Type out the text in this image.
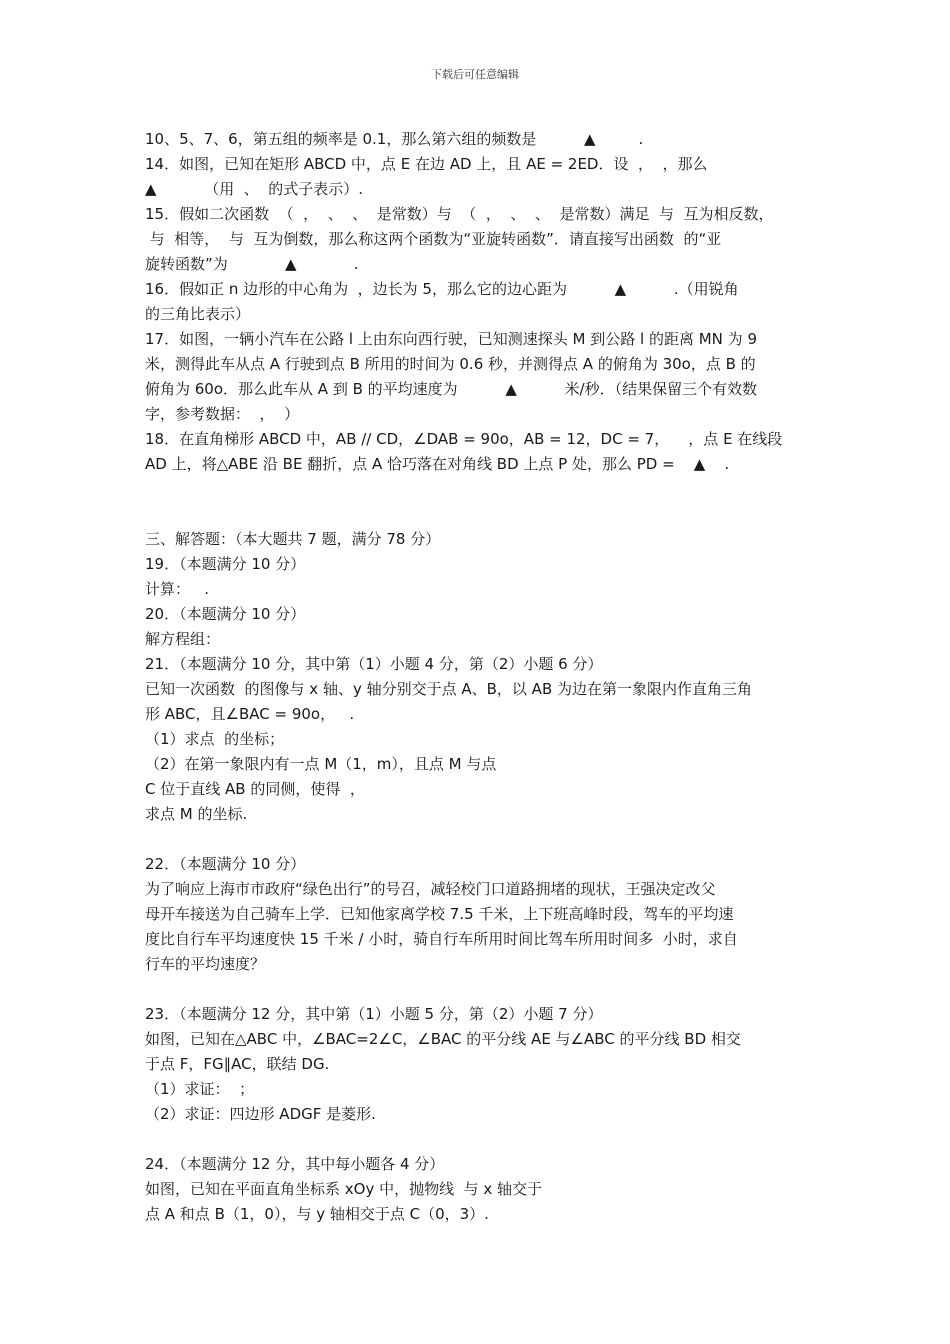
下载后可任意编辑
10、5、7、6，第五组的频率是 0.1，那么第六组的频数是          ▲         .
14．如图，已知在矩形 ABCD 中，点 E 在边 AD 上，且 AE = 2ED．设  ，  ，那么
▲          （用  、  的式子表示）.
15．假如二次函数  （  ，  、  、  是常数）与  （  ，  、  、  是常数）满足  与  互为相反数，
与  相等，  与  互为倒数，那么称这两个函数为“亚旋转函数”．请直接写出函数  的“亚
旋转函数”为            ▲            .
16．假如正 n 边形的中心角为  ，边长为 5，那么它的边心距为          ▲          .（用锐角
的三角比表示）
17．如图，一辆小汽车在公路 l 上由东向西行驶，已知测速探头 M 到公路 l 的距离 MN 为 9
米，测得此车从点 A 行驶到点 B 所用的时间为 0.6 秒，并测得点 A 的俯角为 30o，点 B 的
俯角为 60o．那么此车从 A 到 B 的平均速度为          ▲          米/秒．（结果保留三个有效数
字，参考数据：  ，  ）
18．在直角梯形 ABCD 中，AB // CD，∠DAB = 90o，AB = 12，DC = 7，    ，点 E 在线段
AD 上，将△ABE 沿 BE 翻折，点 A 恰巧落在对角线 BD 上点 P 处，那么 PD =    ▲    .
三、解答题：（本大题共 7 题，满分 78 分）
19．（本题满分 10 分）
计算：   .
20．（本题满分 10 分）
解方程组：
21．（本题满分 10 分，其中第（1）小题 4 分，第（2）小题 6 分）
已知一次函数  的图像与 x 轴、y 轴分别交于点 A、B，以 AB 为边在第一象限内作直角三角
形 ABC，且∠BAC = 90o，   .
（1）求点  的坐标；
（2）在第一象限内有一点 M（1，m），且点 M 与点
C 位于直线 AB 的同侧，使得  ，
求点 M 的坐标.
22．（本题满分 10 分）
为了响应上海市市政府“绿色出行”的号召，减轻校门口道路拥堵的现状，王强决定改父
母开车接送为自己骑车上学．已知他家离学校 7.5 千米，上下班高峰时段，驾车的平均速
度比自行车平均速度快 15 千米 / 小时，骑自行车所用时间比驾车所用时间多  小时，求自
行车的平均速度？
23．（本题满分 12 分，其中第（1）小题 5 分，第（2）小题 7 分）
如图，已知在△ABC 中，∠BAC=2∠C，∠BAC 的平分线 AE 与∠ABC 的平分线 BD 相交
于点 F，FG∥AC，联结 DG.
（1）求证：  ；
（2）求证：四边形 ADGF 是菱形.
24．（本题满分 12 分，其中每小题各 4 分）
如图，已知在平面直角坐标系 xOy 中，抛物线  与 x 轴交于
点 A 和点 B（1，0），与 y 轴相交于点 C（0，3）.
